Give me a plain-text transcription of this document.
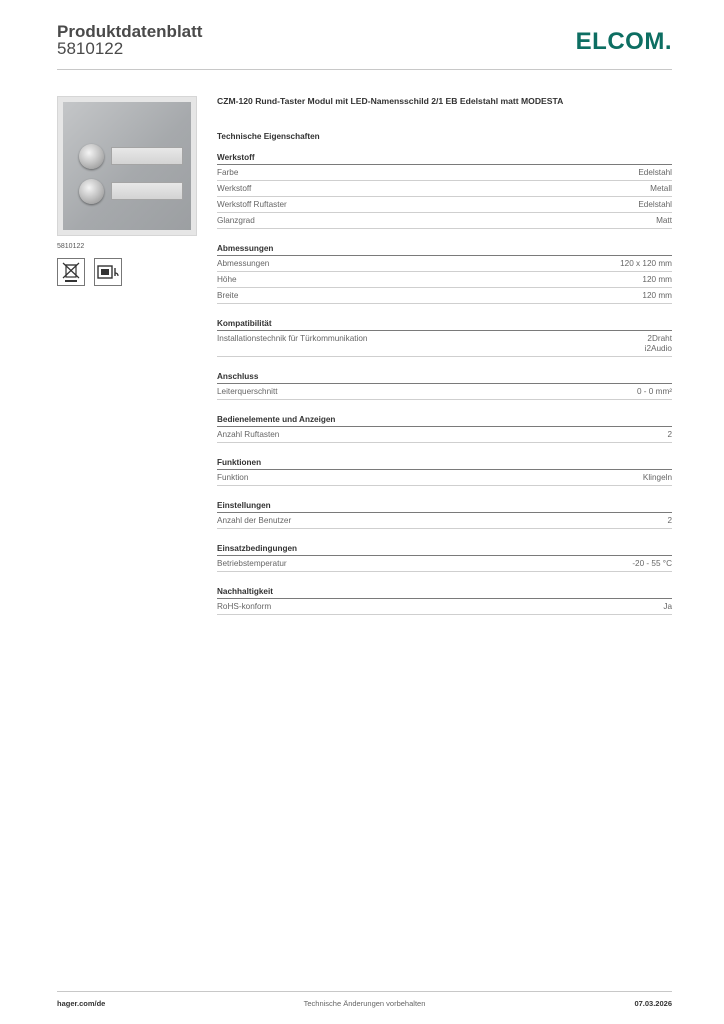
Produktdatenblatt
5810122	ELCOM.
5810122
CZM-120 Rund-Taster Modul mit LED-Namensschild 2/1 EB Edelstahl matt MODESTA
Technische Eigenschaften
Werkstoff
Farbe	Edelstahl
Werkstoff	Metall
Werkstoff Ruftaster	Edelstahl
Glanzgrad	Matt
Abmessungen
Abmessungen	120 x 120 mm
Höhe	120 mm
Breite	120 mm
Kompatibilität
Installationstechnik für Türkommunikation	2Draht
i2Audio
Anschluss
Leiterquerschnitt	0 - 0 mm²
Bedienelemente und Anzeigen
Anzahl Ruftasten	2
Funktionen
Funktion	Klingeln
Einstellungen
Anzahl der Benutzer	2
Einsatzbedingungen
Betriebstemperatur	-20 - 55 °C
Nachhaltigkeit
RoHS-konform	Ja
hager.com/de	Technische Änderungen vorbehalten	07.03.2026
